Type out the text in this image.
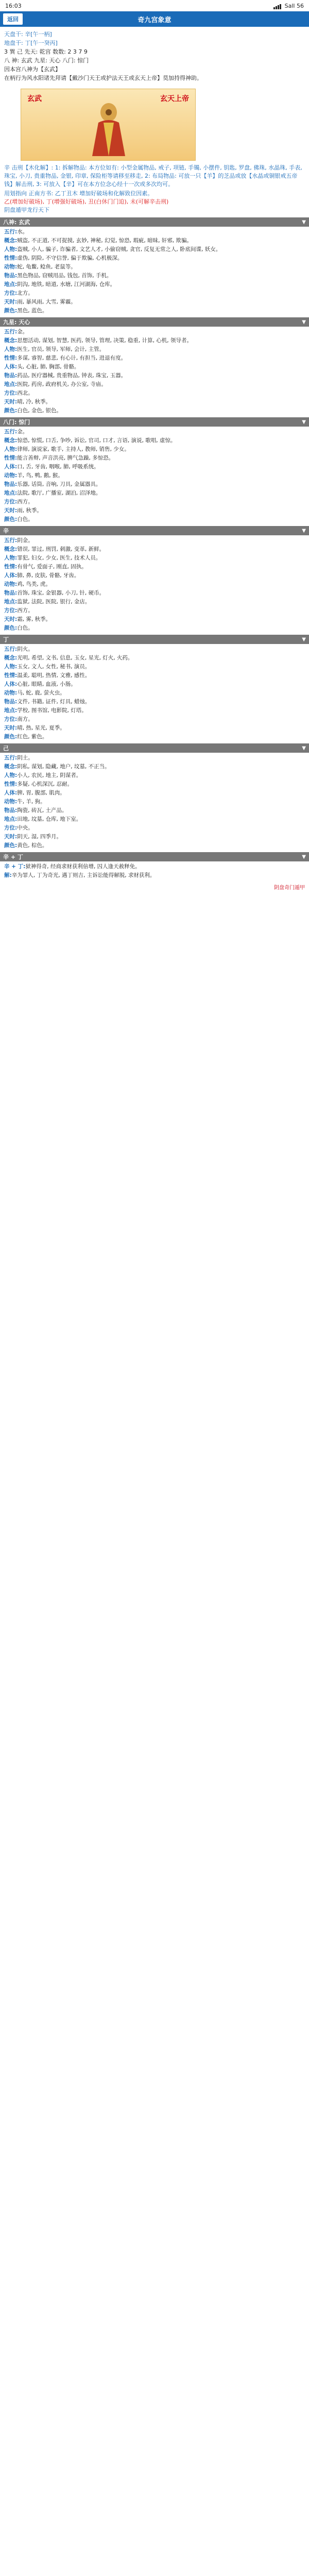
16:03	Sall 56
返回	奇九宫象意
天盘干: 辛[午一柄]
地盘干: 丁[午一癸丙]
3 巽 己 先天: 乾宫 数数: 2 3 7 9
八 神: 玄武 九星: 天心 八门: 惊门
因本宫八神为【玄武】
在柄行为风水阳诸先拜请【戴沙门天王或护法天王或玄天上帝】莫加持得神助。
玄武	玄天上帝
辛 击刑【木化解】: 1: 拆解物品: 本方位如有: 小型金属物品, 戒子, 项链, 手镯, 小摆件, 钥匙, 罗盘, 佛珠, 水晶珠, 手表, 珠宝, 小刀, 贵重物品, 金银, 印章, 保险柜等请移至移走, 2: 布局物品: 可放一只【羊】的芝品或放【水晶或铜银戒五帝钱】解击刑, 3: 可放入【辛】可在本方位念心经十一次或多次均可。
用划指向 正南方书: 乙丁丑木 增加好破场和化解致位因素。
乙(增加好破场), 丁(增强好破场), 丑(白休门门迫), 未(可解辛击刑)
阴盘遁甲龙行天下
八神: 玄武	▼
五行:水。
概念:贼盗, 不正道, 不可捉摸, 玄妙, 神秘, 幻觉, 惊恐, 瑕疵, 暗昧, 奸邪, 欺骗。
人物:盗贼, 小人, 骗子, 诈骗者, 文艺人才, 小偷窃贼, 贪官, 反复无常之人, 卧底间谍, 妖女。
性情:虚伪, 阴险, 不守信誉, 偏于欺骗, 心机极深。
动物:蛇, 龟鳖, 鲶鱼, 老鼠等。
物品:黑色物品, 窃贼用品, 钱包, 首饰, 手机。
地点:阴沟, 地铁, 暗道, 水塘, 江河湖海, 仓库。
方位:北方。
天时:雨, 暴风雨, 大雪, 雾霾。
颜色:黑色, 蓝色。
九星: 天心	▼
五行:金。
概念:思想活动, 谋划, 智慧, 医药, 领导, 管理, 决策, 稳重, 计算, 心机, 领导者。
人物:医生, 官员, 领导, 军师, 会计, 主管。
性情:多谋, 睿智, 慈悲, 有心计, 有担当, 进退有度。
人体:头, 心脏, 肺, 胸部, 骨骼。
物品:药品, 医疗器械, 贵重物品, 钟表, 珠宝, 玉器。
地点:医院, 药房, 政府机关, 办公室, 寺庙。
方位:西北。
天时:晴, 冷, 秋季。
颜色:白色, 金色, 银色。
八门: 惊门	▼
五行:金。
概念:惊恐, 惊慌, 口舌, 争吵, 诉讼, 官司, 口才, 言语, 演说, 歌唱, 虚惊。
人物:律师, 演说家, 歌手, 主持人, 教师, 销售, 少女。
性情:能言善辩, 声音洪亮, 脾气急躁, 多惊恐。
人体:口, 舌, 牙齿, 咽喉, 肺, 呼吸系统。
动物:羊, 鸟, 鸭, 鹅, 猴。
物品:乐器, 话筒, 音响, 刀具, 金属器具。
地点:法院, 歌厅, 广播室, 湖泊, 沼泽地。
方位:西方。
天时:雨, 秋季。
颜色:白色。
辛	▼
五行:阴金。
概念:错误, 罪过, 刑罚, 刺激, 变革, 新鲜。
人物:罪犯, 妇女, 少女, 医生, 技术人员。
性情:有骨气, 爱面子, 刚直, 固执。
人体:肺, 鼻, 皮肤, 骨骼, 牙齿。
动物:鸡, 鸟类, 虎。
物品:首饰, 珠宝, 金银器, 小刀, 针, 硬币。
地点:监狱, 法院, 医院, 银行, 金店。
方位:西方。
天时:霜, 雾, 秋季。
颜色:白色。
丁	▼
五行:阴火。
概念:光明, 希望, 文书, 信息, 玉女, 星光, 灯火, 火药。
人物:玉女, 文人, 女性, 秘书, 演员。
性情:温柔, 聪明, 热情, 文雅, 感性。
人体:心脏, 眼睛, 血液, 小肠。
动物:马, 蛇, 鹿, 萤火虫。
物品:文件, 书籍, 证件, 灯具, 蜡烛。
地点:学校, 图书馆, 电影院, 灯塔。
方位:南方。
天时:晴, 热, 星光, 夏季。
颜色:红色, 紫色。
己	▼
五行:阴土。
概念:阴私, 谋划, 隐藏, 地户, 坟墓, 不正当。
人物:小人, 农民, 地主, 阴谋者。
性情:多疑, 心机深沉, 忍耐。
人体:脾, 胃, 腹部, 肌肉。
动物:牛, 羊, 狗。
物品:陶瓷, 砖瓦, 土产品。
地点:田地, 坟墓, 仓库, 地下室。
方位:中央。
天时:阴天, 湿, 四季月。
颜色:黄色, 棕色。
辛 + 丁	▼
辛 + 丁:狱神得奇, 经商求财获利倍增, 囚人逢天赦释免。
解:辛为罪人, 丁为奇光, 遇丁则吉, 主诉讼能得解脱, 求财获利。
阴盘奇门遁甲
